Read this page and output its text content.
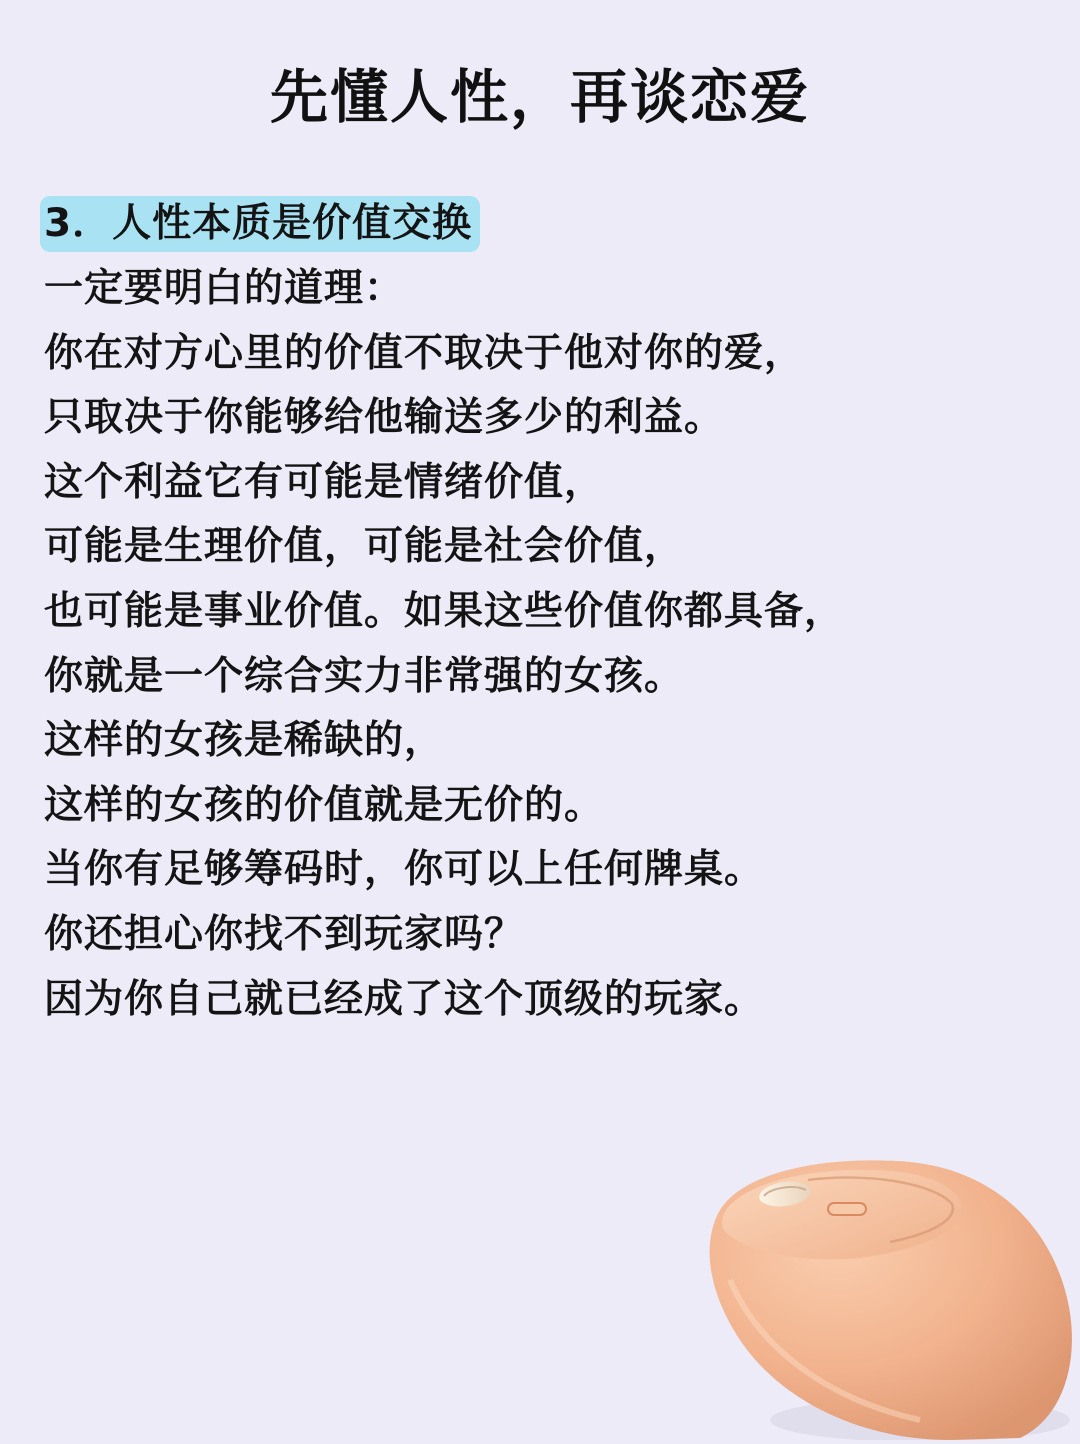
先懂人性，再谈恋爱
3．人性本质是价值交换
一定要明白的道理：
你在对方心里的价值不取决于他对你的爱，
只取决于你能够给他输送多少的利益。
这个利益它有可能是情绪价值，
可能是生理价值，可能是社会价值，
也可能是事业价值。如果这些价值你都具备，
你就是一个综合实力非常强的女孩。
这样的女孩是稀缺的，
这样的女孩的价值就是无价的。
当你有足够筹码时，你可以上任何牌桌。
你还担心你找不到玩家吗？
因为你自己就已经成了这个顶级的玩家。
